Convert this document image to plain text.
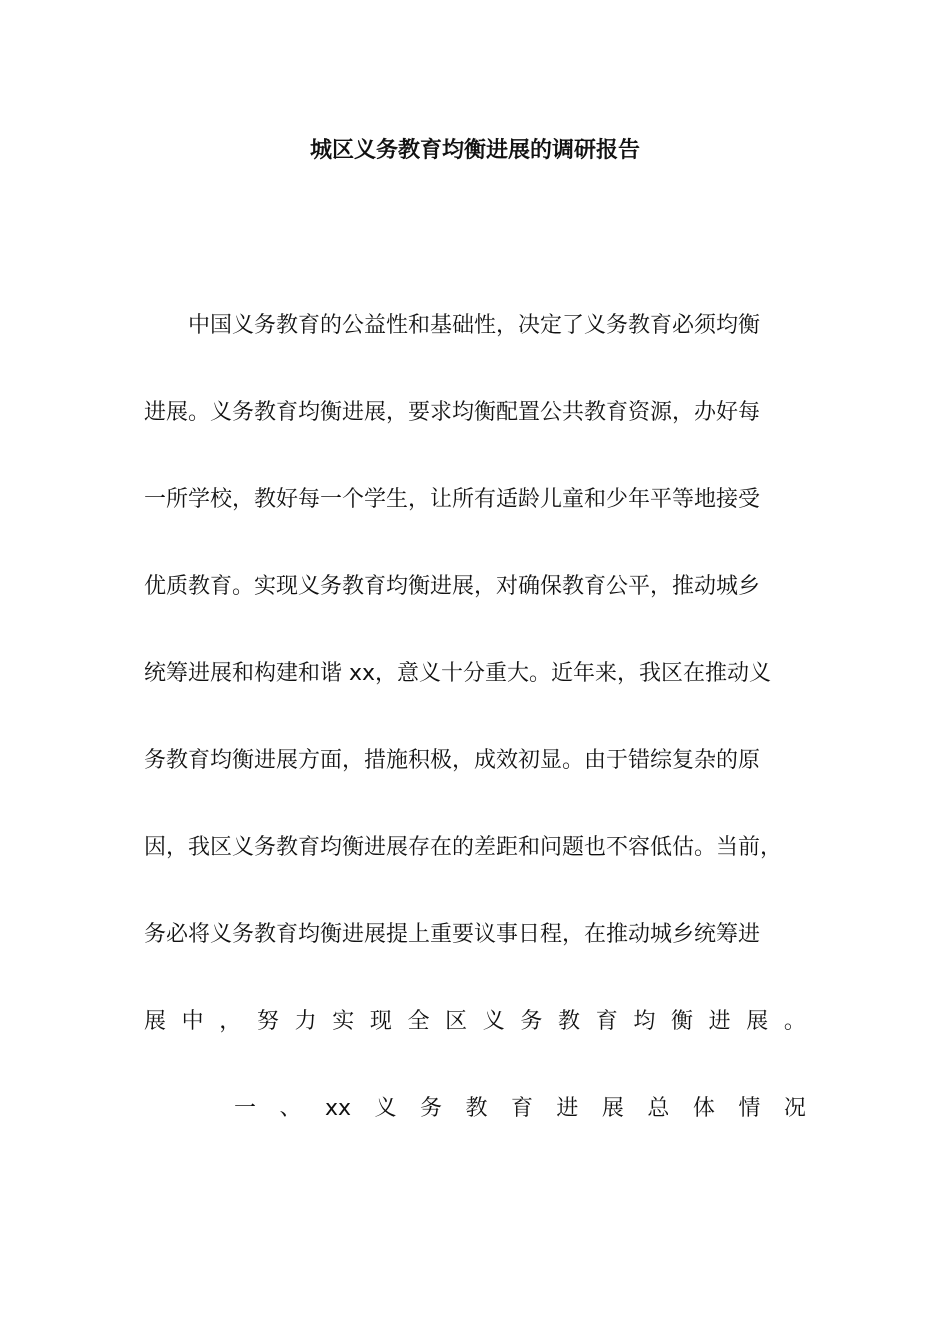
城区义务教育均衡进展的调研报告
　　中国义务教育的公益性和基础性，决定了义务教育必须均衡
进展。义务教育均衡进展，要求均衡配置公共教育资源，办好每
一所学校，教好每一个学生，让所有适龄儿童和少年平等地接受
优质教育。实现义务教育均衡进展，对确保教育公平，推动城乡
统筹进展和构建和谐 xx，意义十分重大。近年来，我区在推动义
务教育均衡进展方面，措施积极，成效初显。由于错综复杂的原
因，我区义务教育均衡进展存在的差距和问题也不容低估。当前，
务必将义务教育均衡进展提上重要议事日程，在推动城乡统筹进
展 中 ， 努 力 实 现 全 区 义 务 教 育 均 衡 进 展 。
一 、 xx 义 务 教 育 进 展 总 体 情 况
